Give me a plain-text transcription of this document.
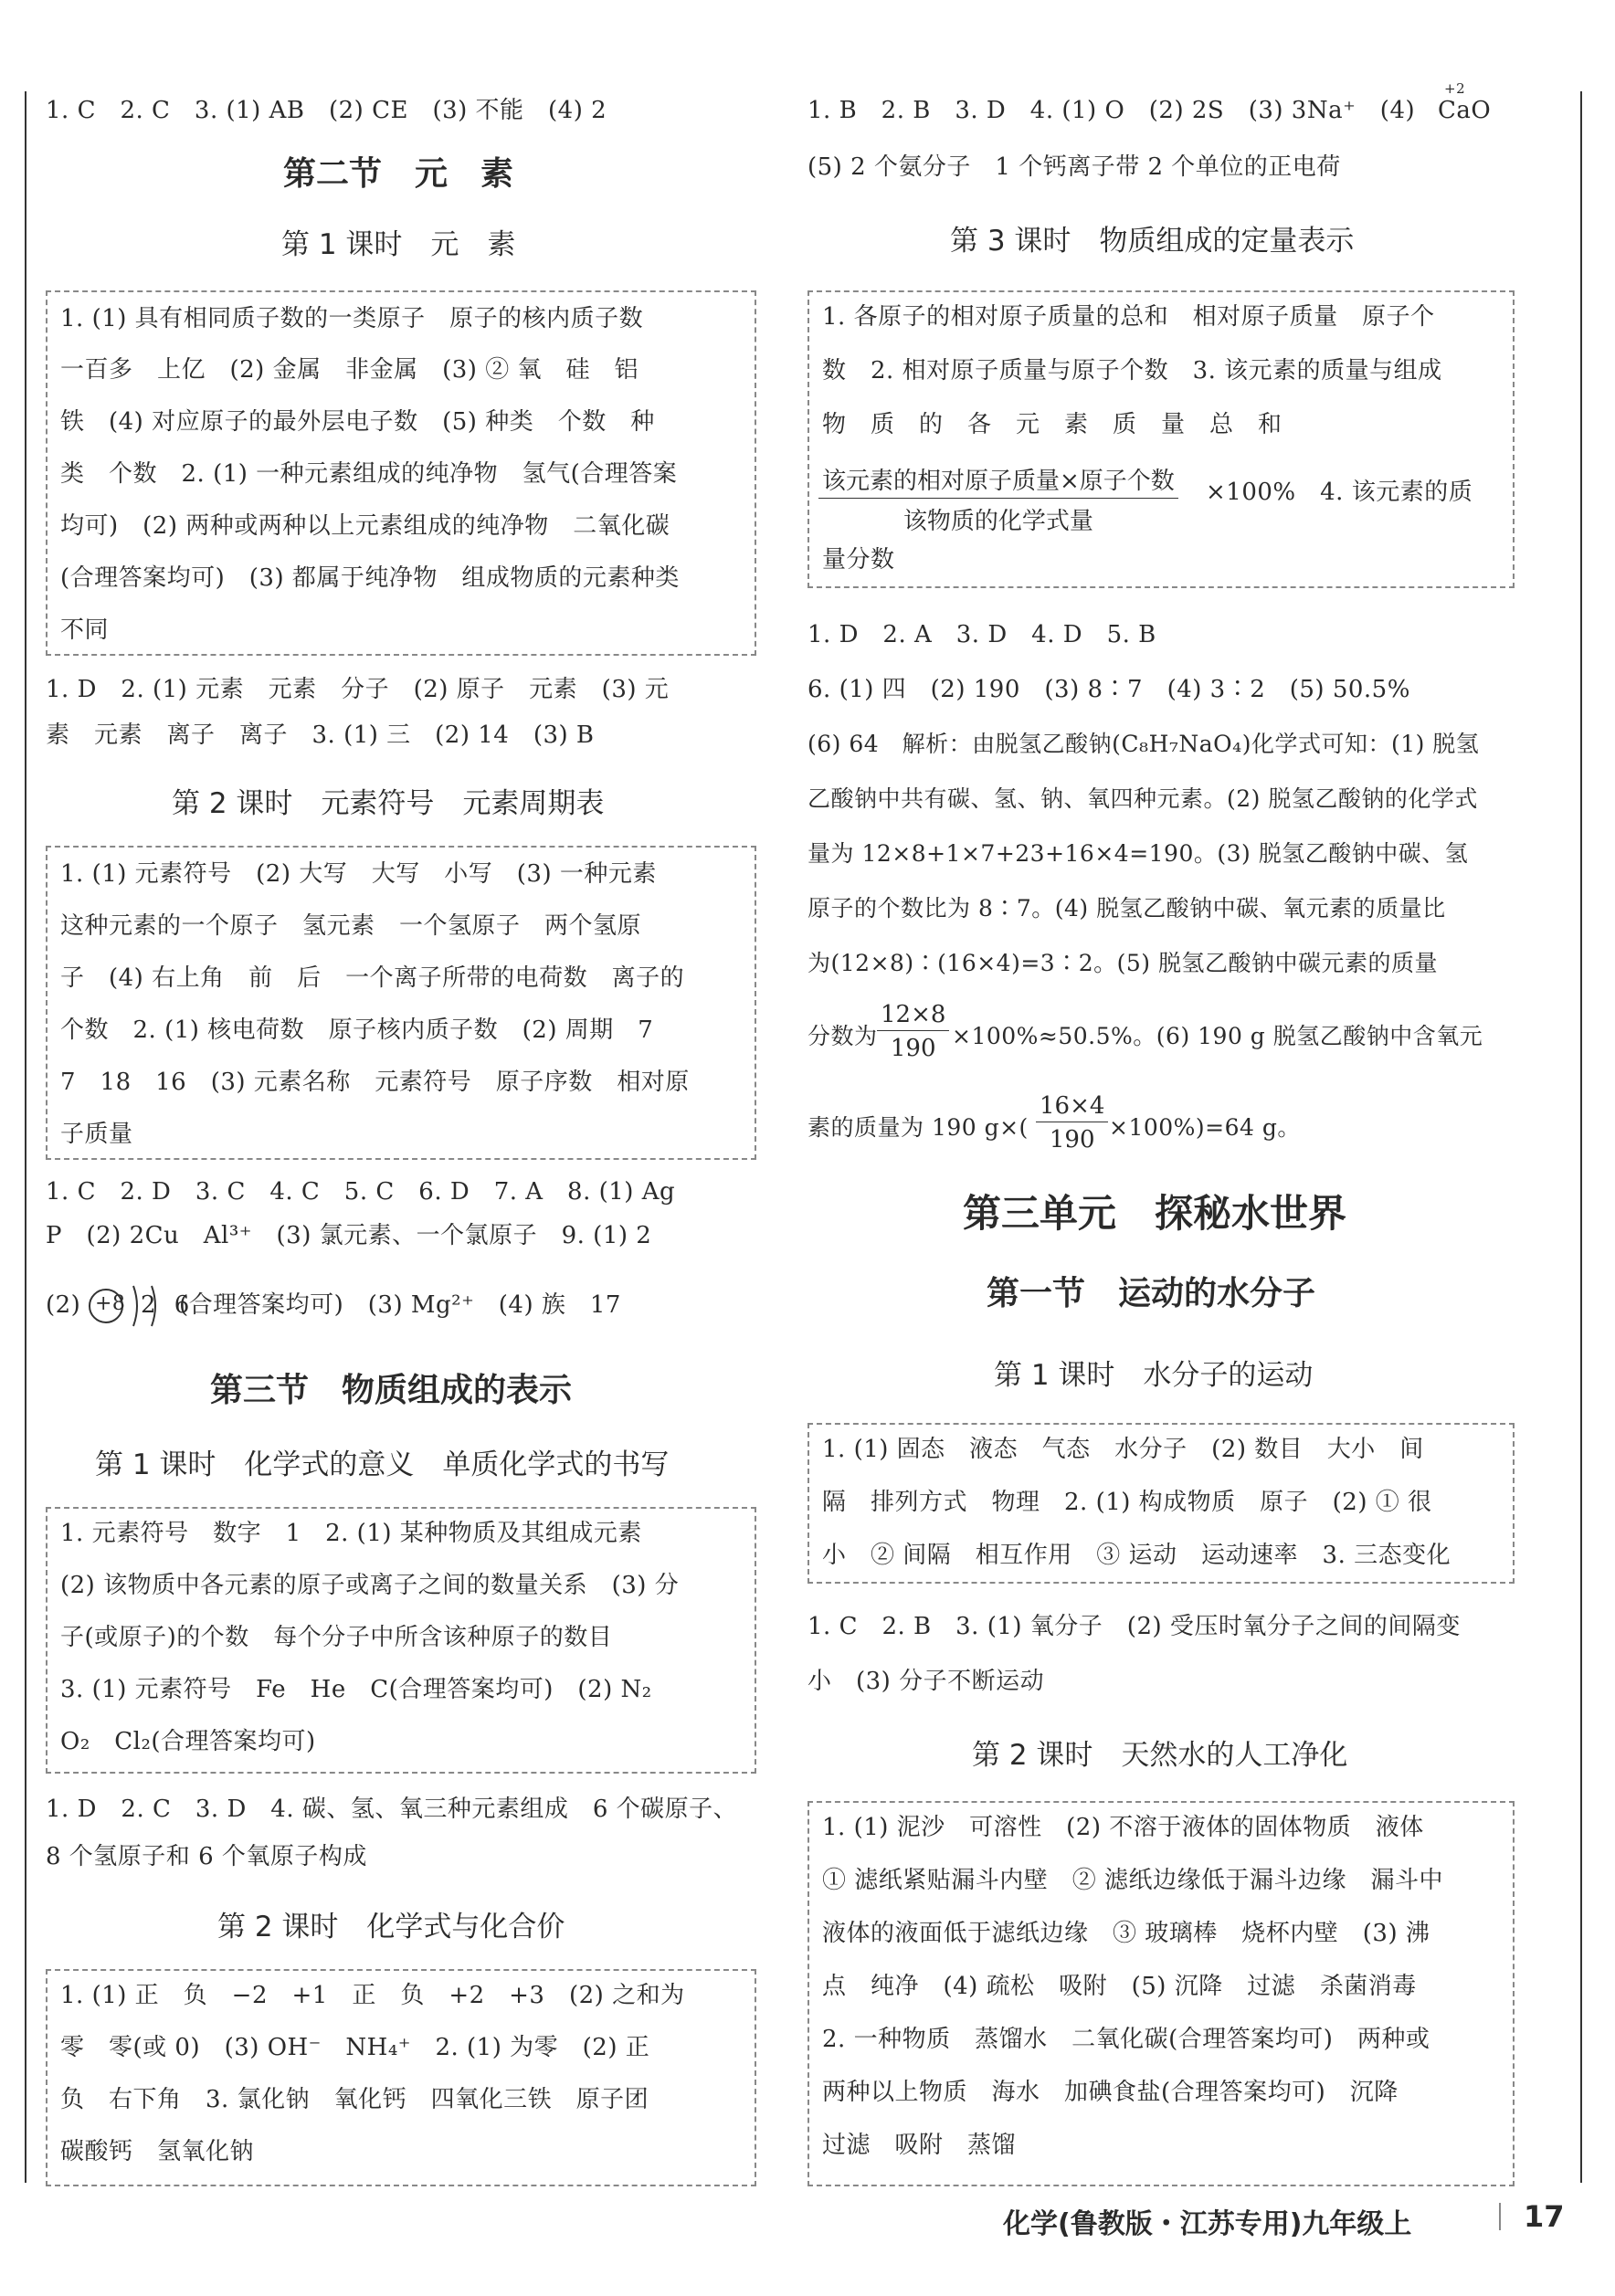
1. C　2. C　3. (1) AB　(2) CE　(3) 不能　(4) 2
第二节　元　素
第 1 课时　元　素
1. (1) 具有相同质子数的一类原子　原子的核内质子数
一百多　上亿　(2) 金属　非金属　(3) ② 氧　硅　铝
铁　(4) 对应原子的最外层电子数　(5) 种类　个数　种
类　个数　2. (1) 一种元素组成的纯净物　氢气(合理答案
均可)　(2) 两种或两种以上元素组成的纯净物　二氧化碳
(合理答案均可)　(3) 都属于纯净物　组成物质的元素种类
不同
1. D　2. (1) 元素　元素　分子　(2) 原子　元素　(3) 元
素　元素　离子　离子　3. (1) 三　(2) 14　(3) B
第 2 课时　元素符号　元素周期表
1. (1) 元素符号　(2) 大写　大写　小写　(3) 一种元素
这种元素的一个原子　氢元素　一个氢原子　两个氢原
子　(4) 右上角　前　后　一个离子所带的电荷数　离子的
个数　2. (1) 核电荷数　原子核内质子数　(2) 周期　7
7　18　16　(3) 元素名称　元素符号　原子序数　相对原
子质量
1. C　2. D　3. C　4. C　5. C　6. D　7. A　8. (1) Ag
P　(2) 2Cu　Al³⁺　(3) 氯元素、一个氯原子　9. (1) 2
(2) +8 2 6
(合理答案均可)　(3) Mg²⁺　(4) 族　17
第三节　物质组成的表示
第 1 课时　化学式的意义　单质化学式的书写
1. 元素符号　数字　1　2. (1) 某种物质及其组成元素
(2) 该物质中各元素的原子或离子之间的数量关系　(3) 分
子(或原子)的个数　每个分子中所含该种原子的数目
3. (1) 元素符号　Fe　He　C(合理答案均可)　(2) N₂
O₂　Cl₂(合理答案均可)
1. D　2. C　3. D　4. 碳、氢、氧三种元素组成　6 个碳原子、
8 个氢原子和 6 个氧原子构成
第 2 课时　化学式与化合价
1. (1) 正　负　−2　+1　正　负　+2　+3　(2) 之和为
零　零(或 0)　(3) OH⁻　NH₄⁺　2. (1) 为零　(2) 正
负　右下角　3. 氯化钠　氧化钙　四氧化三铁　原子团
碳酸钙　氢氧化钠
1. B　2. B　3. D　4. (1) O　(2) 2S　(3) 3Na⁺　(4)
+2
CaO
(5) 2 个氨分子　1 个钙离子带 2 个单位的正电荷
第 3 课时　物质组成的定量表示
1. 各原子的相对原子质量的总和　相对原子质量　原子个
数　2. 相对原子质量与原子个数　3. 该元素的质量与组成
物　质　的　各　元　素　质　量　总　和
该元素的相对原子质量×原子个数
该物质的化学式量
×100%　4. 该元素的质
量分数
1. D　2. A　3. D　4. D　5. B
6. (1) 四　(2) 190　(3) 8∶7　(4) 3∶2　(5) 50.5%
(6) 64　解析：由脱氢乙酸钠(C₈H₇NaO₄)化学式可知：(1) 脱氢
乙酸钠中共有碳、氢、钠、氧四种元素。(2) 脱氢乙酸钠的化学式
量为 12×8+1×7+23+16×4=190。(3) 脱氢乙酸钠中碳、氢
原子的个数比为 8∶7。(4) 脱氢乙酸钠中碳、氧元素的质量比
为(12×8)∶(16×4)=3∶2。(5) 脱氢乙酸钠中碳元素的质量
分数为 $\frac{12\times 8}{190} \times 100\%\approx 50.5\%$。(6) 190 g 脱氢乙酸钠中含氧元
素的质量为 190 $g\times( \frac{16\times 4}{190} \times 100\%)=64$ g。
第三单元　探秘水世界
第一节　运动的水分子
第 1 课时　水分子的运动
1. (1) 固态　液态　气态　水分子　(2) 数目　大小　间
隔　排列方式　物理　2. (1) 构成物质　原子　(2) ① 很
小　② 间隔　相互作用　③ 运动　运动速率　3. 三态变化
1. C　2. B　3. (1) 氧分子　(2) 受压时氧分子之间的间隔变
小　(3) 分子不断运动
第 2 课时　天然水的人工净化
1. (1) 泥沙　可溶性　(2) 不溶于液体的固体物质　液体
① 滤纸紧贴漏斗内壁　② 滤纸边缘低于漏斗边缘　漏斗中
液体的液面低于滤纸边缘　③ 玻璃棒　烧杯内壁　(3) 沸
点　纯净　(4) 疏松　吸附　(5) 沉降　过滤　杀菌消毒
2. 一种物质　蒸馏水　二氧化碳(合理答案均可)　两种或
两种以上物质　海水　加碘食盐(合理答案均可)　沉降
过滤　吸附　蒸馏
化学(鲁教版・江苏专用)九年级上	17
